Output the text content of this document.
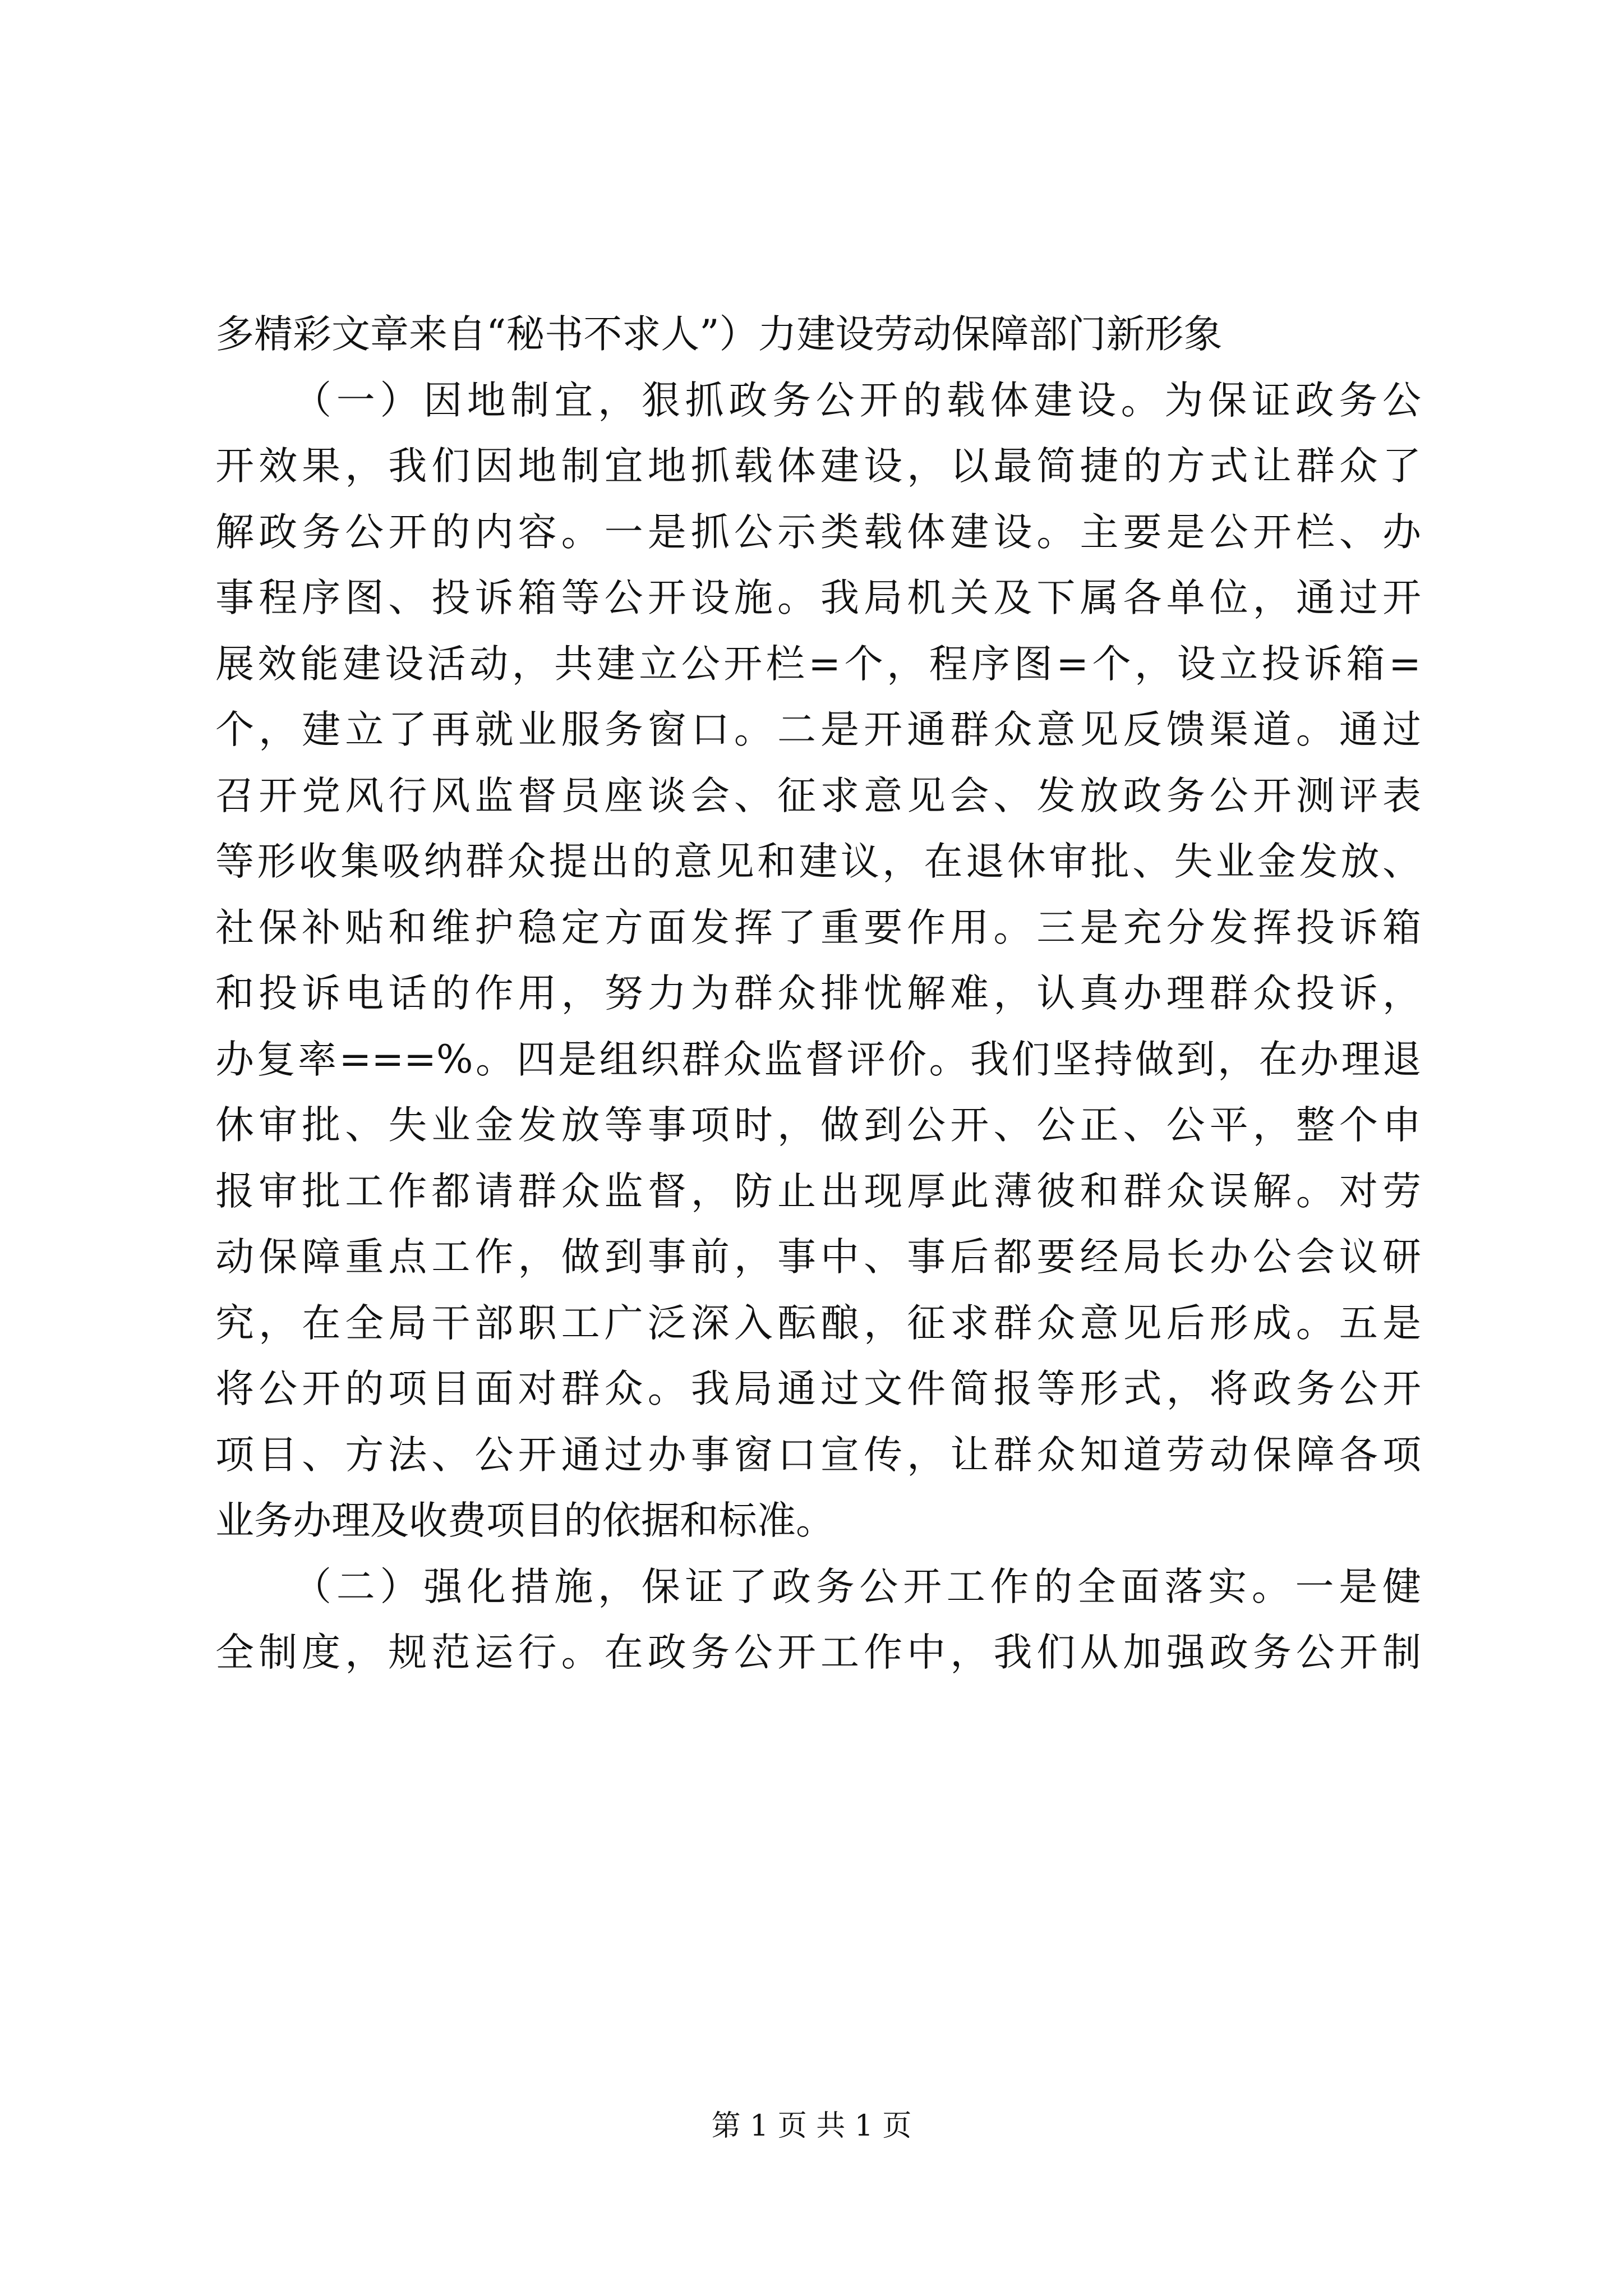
多精彩文章来自“秘书不求人”）力建设劳动保障部门新形象
（一）因地制宜，狠抓政务公开的载体建设。为保证政务公
开效果，我们因地制宜地抓载体建设，以最简捷的方式让群众了
解政务公开的内容。一是抓公示类载体建设。主要是公开栏、办
事程序图、投诉箱等公开设施。我局机关及下属各单位，通过开
展效能建设活动，共建立公开栏=个，程序图=个，设立投诉箱=
个，建立了再就业服务窗口。二是开通群众意见反馈渠道。通过
召开党风行风监督员座谈会、征求意见会、发放政务公开测评表
等形收集吸纳群众提出的意见和建议，在退休审批、失业金发放、
社保补贴和维护稳定方面发挥了重要作用。三是充分发挥投诉箱
和投诉电话的作用，努力为群众排忧解难，认真办理群众投诉，
办复率===%。四是组织群众监督评价。我们坚持做到，在办理退
休审批、失业金发放等事项时，做到公开、公正、公平，整个申
报审批工作都请群众监督，防止出现厚此薄彼和群众误解。对劳
动保障重点工作，做到事前，事中、事后都要经局长办公会议研
究，在全局干部职工广泛深入酝酿，征求群众意见后形成。五是
将公开的项目面对群众。我局通过文件简报等形式，将政务公开
项目、方法、公开通过办事窗口宣传，让群众知道劳动保障各项
业务办理及收费项目的依据和标准。
（二）强化措施，保证了政务公开工作的全面落实。一是健
全制度，规范运行。在政务公开工作中，我们从加强政务公开制
第 1 页 共 1 页
